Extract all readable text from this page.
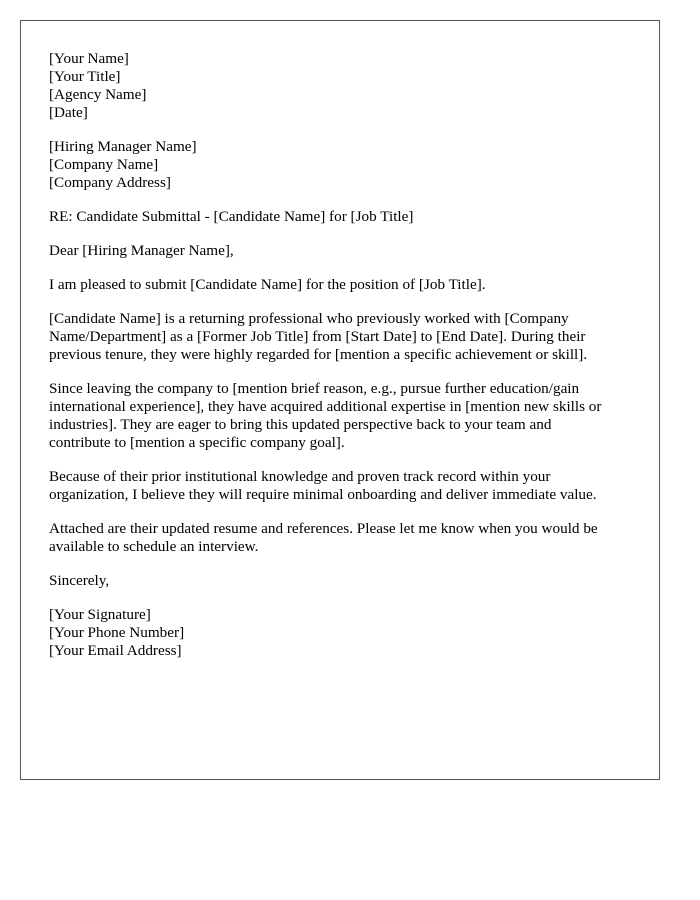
[Your Name]
[Your Title]
[Agency Name]
[Date]
[Hiring Manager Name]
[Company Name]
[Company Address]

RE: Candidate Submittal - [Candidate Name] for [Job Title]

Dear [Hiring Manager Name],

I am pleased to submit [Candidate Name] for the position of [Job Title].

[Candidate Name] is a returning professional who previously worked with [Company
Name/Department] as a [Former Job Title] from [Start Date] to [End Date]. During their
previous tenure, they were highly regarded for [mention a specific achievement or skill].

Since leaving the company to [mention brief reason, e.g., pursue further education/gain
international experience], they have acquired additional expertise in [mention new skills or
industries]. They are eager to bring this updated perspective back to your team and
contribute to [mention a specific company goal].

Because of their prior institutional knowledge and proven track record within your
organization, I believe they will require minimal onboarding and deliver immediate value.

Attached are their updated resume and references. Please let me know when you would be
available to schedule an interview.

Sincerely,

[Your Signature]
[Your Phone Number]
[Your Email Address]
